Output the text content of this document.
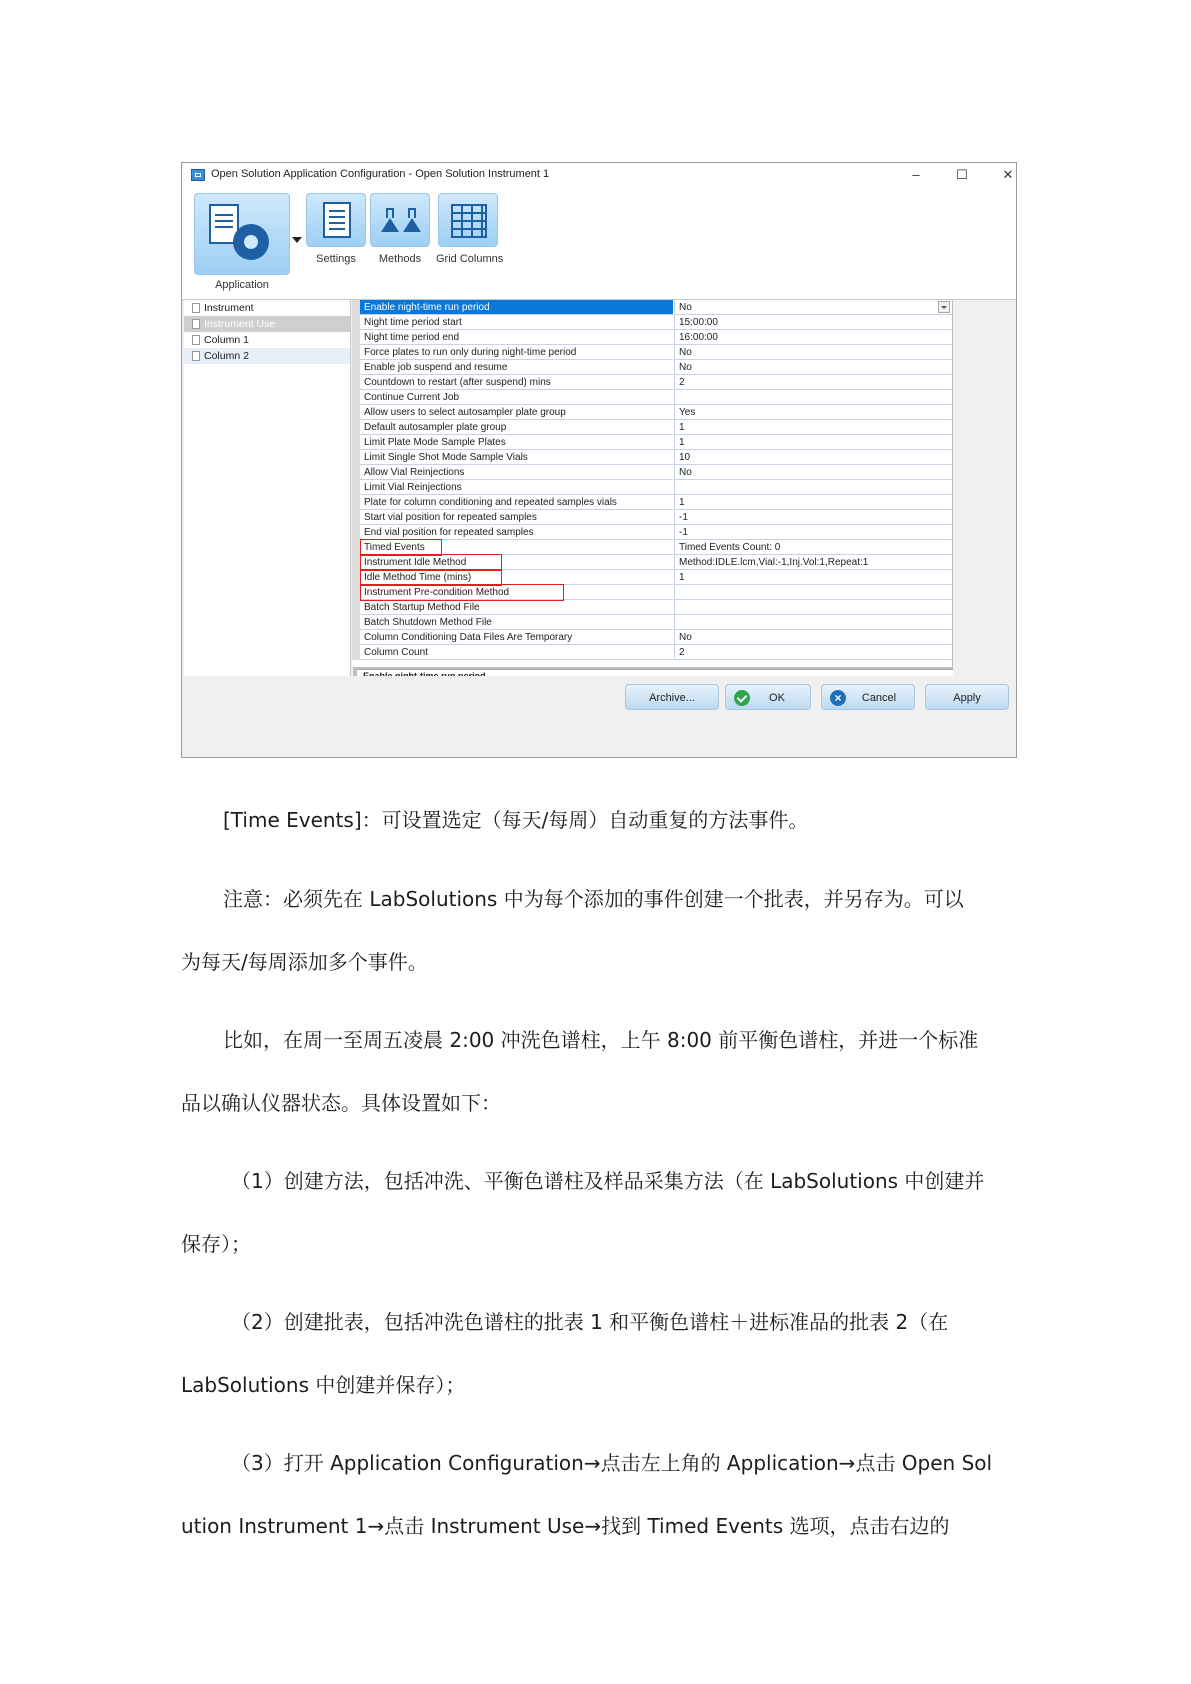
Open Solution Application Configuration - Open Solution Instrument 1	–	☐	✕
Application
Settings	Methods	Grid Columns
Instrument
Instrument Use
Column 1
Column 2
Enable night-time run period	No
Night time period start	15:00:00
Night time period end	16:00:00
Force plates to run only during night-time period	No
Enable job suspend and resume	No
Countdown to restart (after suspend) mins	2
Continue Current Job
Allow users to select autosampler plate group	Yes
Default autosampler plate group	1
Limit Plate Mode Sample Plates	1
Limit Single Shot Mode Sample Vials	10
Allow Vial Reinjections	No
Limit Vial Reinjections
Plate for column conditioning and repeated samples vials	1
Start vial position for repeated samples	-1
End vial position for repeated samples	-1
Timed Events	Timed Events Count: 0
Instrument Idle Method	Method:IDLE.lcm,Vial:-1,Inj.Vol:1,Repeat:1
Idle Method Time (mins)	1
Instrument Pre-condition Method
Batch Startup Method File
Batch Shutdown Method File
Column Conditioning Data Files Are Temporary	No
Column Count	2
Archive...	OK	×	Cancel	Apply
[Time Events]：可设置选定（每天/每周）自动重复的方法事件。
注意：必须先在 LabSolutions 中为每个添加的事件创建一个批表，并另存为。可以
为每天/每周添加多个事件。
比如，在周一至周五凌晨 2:00 冲洗色谱柱，上午 8:00 前平衡色谱柱，并进一个标准
品以确认仪器状态。具体设置如下：
（1）创建方法，包括冲洗、平衡色谱柱及样品采集方法（在 LabSolutions 中创建并
保存）；
（2）创建批表，包括冲洗色谱柱的批表 1 和平衡色谱柱＋进标准品的批表 2（在
LabSolutions 中创建并保存）；
（3）打开 Application Configuration→点击左上角的 Application→点击 Open Sol
ution Instrument 1→点击 Instrument Use→找到 Timed Events 选项，点击右边的
